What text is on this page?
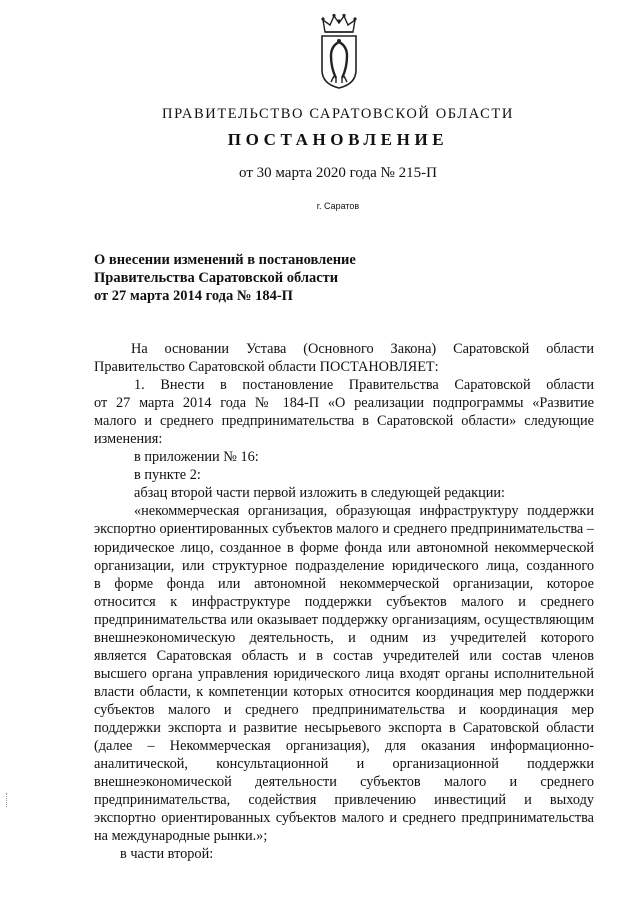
ПРАВИТЕЛЬСТВО САРАТОВСКОЙ ОБЛАСТИ
ПОСТАНОВЛЕНИЕ
от 30 марта 2020 года № 215-П
г. Саратов
О внесении изменений в постановление
Правительства Саратовской области
от 27 марта 2014 года № 184-П
На основании Устава (Основного Закона) Саратовской области
Правительство Саратовской области ПОСТАНОВЛЯЕТ:
1. Внести в постановление Правительства Саратовской области
от 27 марта 2014 года № 184-П «О реализации подпрограммы «Развитие
малого и среднего предпринимательства в Саратовской области» следующие
изменения:
в приложении № 16:
в пункте 2:
абзац второй части первой изложить в следующей редакции:
«некоммерческая организация, образующая инфраструктуру поддержки
экспортно ориентированных субъектов малого и среднего предпринимательства –
юридическое лицо, созданное в форме фонда или автономной некоммерческой
организации, или структурное подразделение юридического лица, созданного
в форме фонда или автономной некоммерческой организации, которое
относится к инфраструктуре поддержки субъектов малого и среднего
предпринимательства или оказывает поддержку организациям, осуществляющим
внешнеэкономическую деятельность, и одним из учредителей которого
является Саратовская область и в состав учредителей или состав членов
высшего органа управления юридического лица входят органы исполнительной
власти области, к компетенции которых относится координация мер поддержки
субъектов малого и среднего предпринимательства и координация мер
поддержки экспорта и развитие несырьевого экспорта в Саратовской области
(далее – Некоммерческая организация), для оказания информационно-
аналитической, консультационной и организационной поддержки
внешнеэкономической деятельности субъектов малого и среднего
предпринимательства, содействия привлечению инвестиций и выходу
экспортно ориентированных субъектов малого и среднего предпринимательства
на международные рынки.»;
в части второй:
